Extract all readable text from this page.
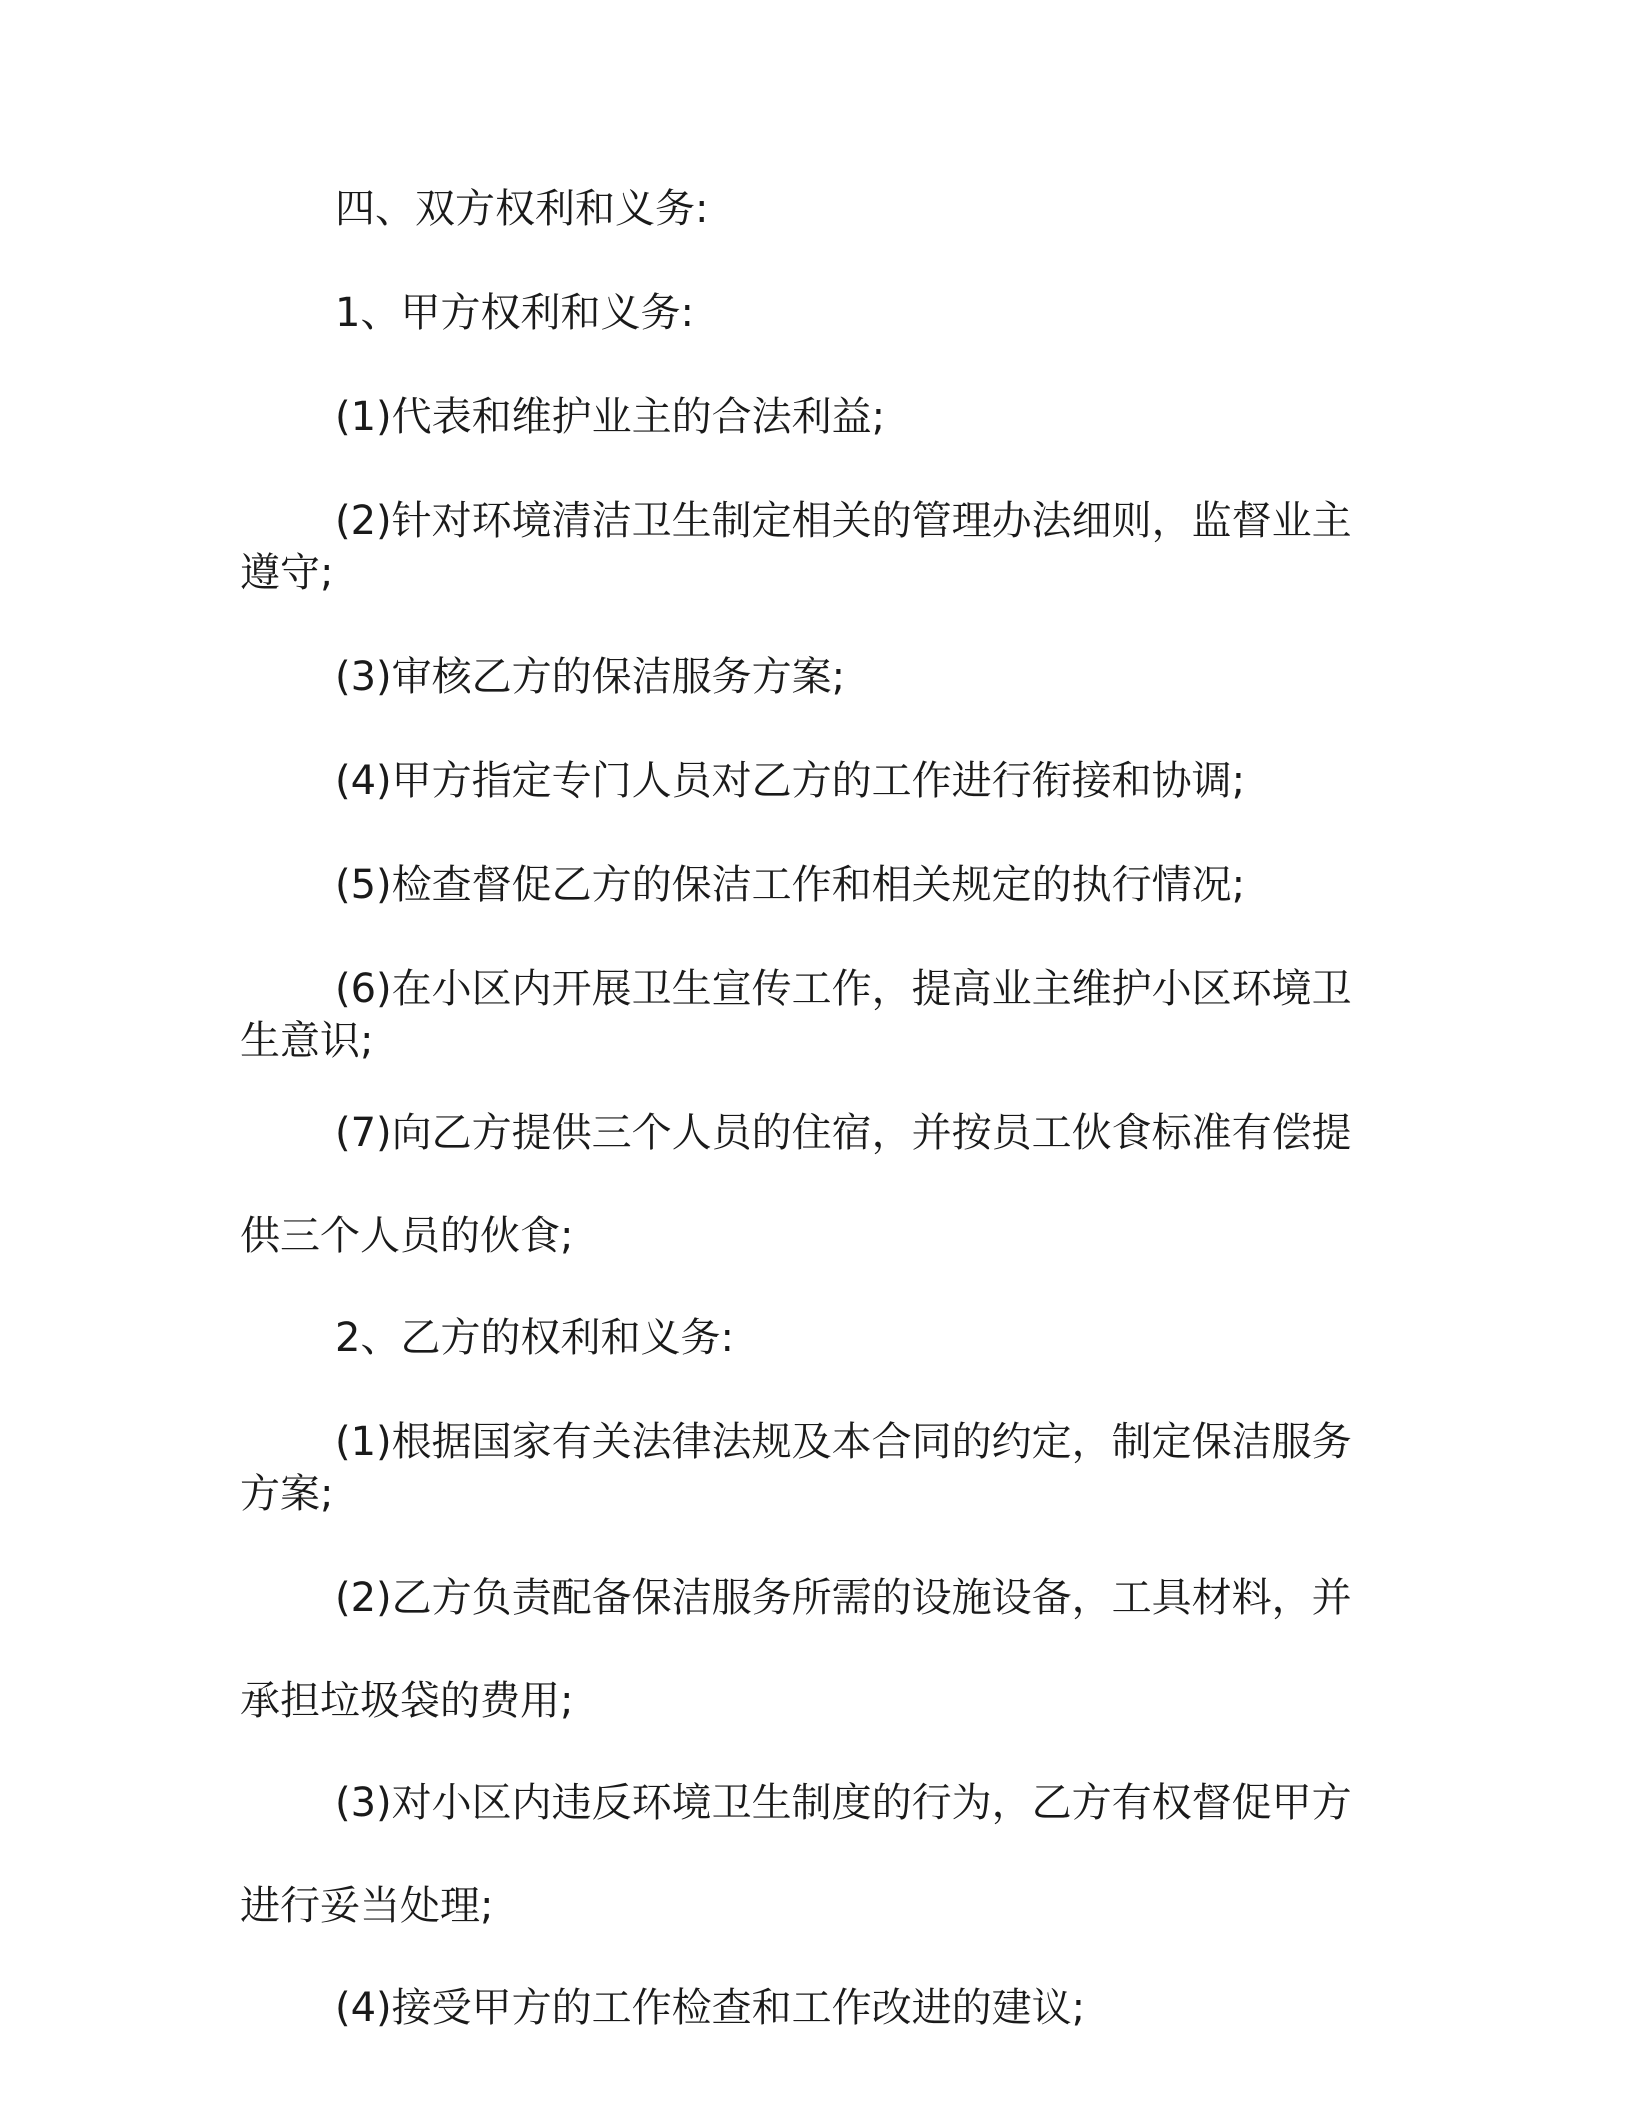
四、双方权利和义务:

1、甲方权利和义务:

(1)代表和维护业主的合法利益;

(2)针对环境清洁卫生制定相关的管理办法细则，监督业主遵守;

(3)审核乙方的保洁服务方案;

(4)甲方指定专门人员对乙方的工作进行衔接和协调;

(5)检查督促乙方的保洁工作和相关规定的执行情况;

(6)在小区内开展卫生宣传工作，提高业主维护小区环境卫生意识;

(7)向乙方提供三个人员的住宿，并按员工伙食标准有偿提供三个人员的伙食;

2、乙方的权利和义务:

(1)根据国家有关法律法规及本合同的约定，制定保洁服务方案;

(2)乙方负责配备保洁服务所需的设施设备，工具材料，并承担垃圾袋的费用;

(3)对小区内违反环境卫生制度的行为，乙方有权督促甲方进行妥当处理;

(4)接受甲方的工作检查和工作改进的建议;
